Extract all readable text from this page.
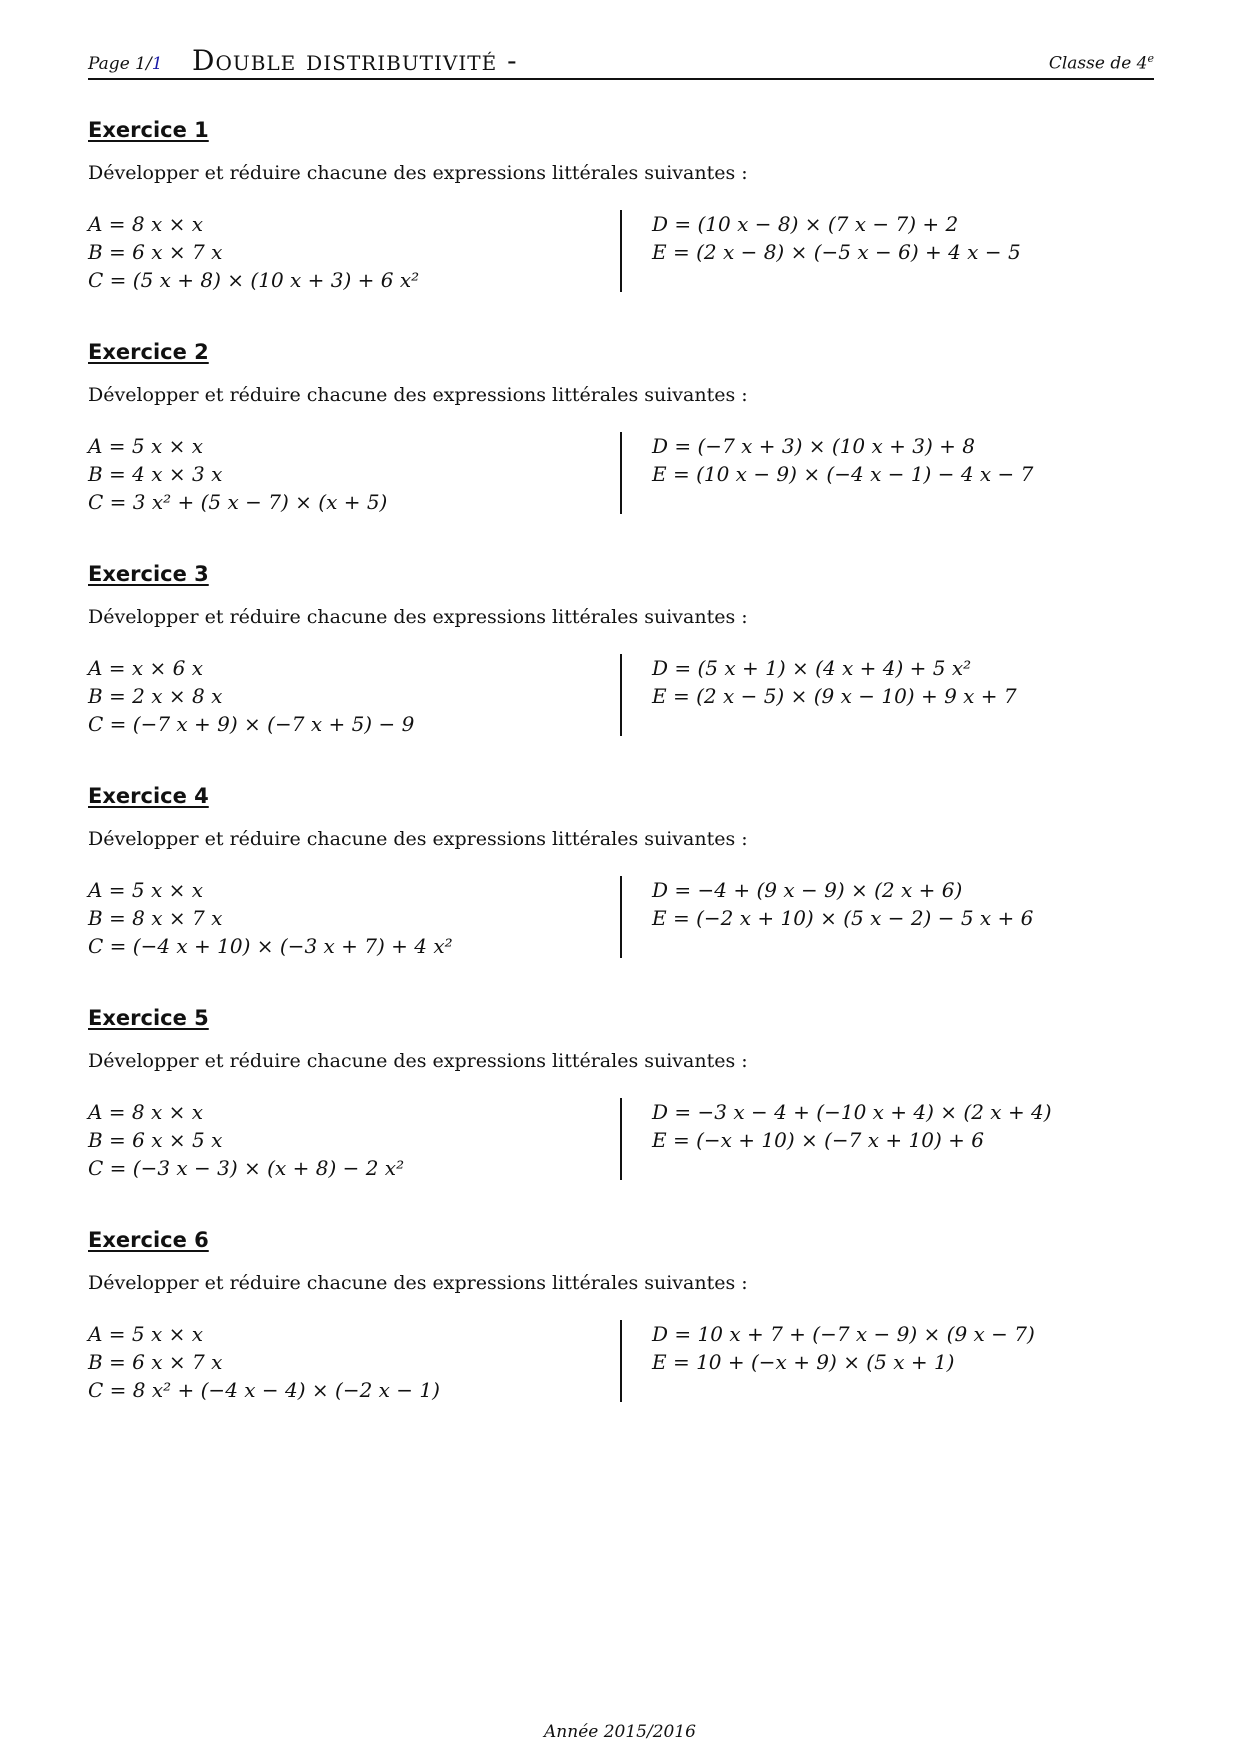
Page 1/1 Double distributivité -	Classe de 4e
Exercice 1
Développer et réduire chacune des expressions littérales suivantes :
A = 8 x × x
B = 6 x × 7 x
C = (5 x + 8) × (10 x + 3) + 6 x²
D = (10 x − 8) × (7 x − 7) + 2
E = (2 x − 8) × (−5 x − 6) + 4 x − 5
Exercice 2
Développer et réduire chacune des expressions littérales suivantes :
A = 5 x × x
B = 4 x × 3 x
C = 3 x² + (5 x − 7) × (x + 5)
D = (−7 x + 3) × (10 x + 3) + 8
E = (10 x − 9) × (−4 x − 1) − 4 x − 7
Exercice 3
Développer et réduire chacune des expressions littérales suivantes :
A = x × 6 x
B = 2 x × 8 x
C = (−7 x + 9) × (−7 x + 5) − 9
D = (5 x + 1) × (4 x + 4) + 5 x²
E = (2 x − 5) × (9 x − 10) + 9 x + 7
Exercice 4
Développer et réduire chacune des expressions littérales suivantes :
A = 5 x × x
B = 8 x × 7 x
C = (−4 x + 10) × (−3 x + 7) + 4 x²
D = −4 + (9 x − 9) × (2 x + 6)
E = (−2 x + 10) × (5 x − 2) − 5 x + 6
Exercice 5
Développer et réduire chacune des expressions littérales suivantes :
A = 8 x × x
B = 6 x × 5 x
C = (−3 x − 3) × (x + 8) − 2 x²
D = −3 x − 4 + (−10 x + 4) × (2 x + 4)
E = (−x + 10) × (−7 x + 10) + 6
Exercice 6
Développer et réduire chacune des expressions littérales suivantes :
A = 5 x × x
B = 6 x × 7 x
C = 8 x² + (−4 x − 4) × (−2 x − 1)
D = 10 x + 7 + (−7 x − 9) × (9 x − 7)
E = 10 + (−x + 9) × (5 x + 1)
Année 2015/2016
